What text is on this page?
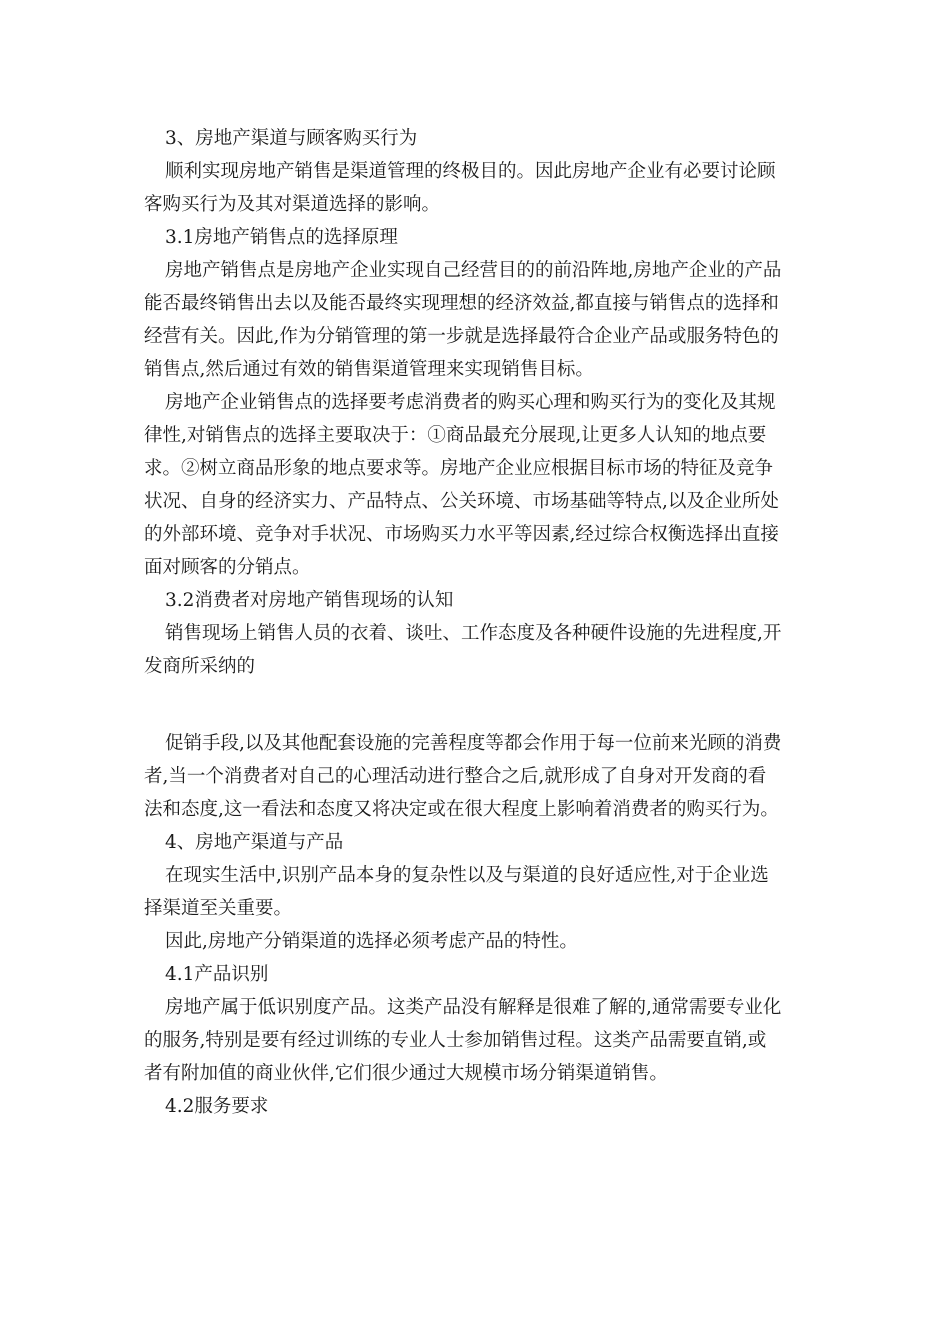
3、房地产渠道与顾客购买行为

顺利实现房地产销售是渠道管理的终极目的。因此房地产企业有必要讨论顾

客购买行为及其对渠道选择的影响。

3.1房地产销售点的选择原理

房地产销售点是房地产企业实现自己经营目的的前沿阵地,房地产企业的产品

能否最终销售出去以及能否最终实现理想的经济效益,都直接与销售点的选择和

经营有关。因此,作为分销管理的第一步就是选择最符合企业产品或服务特色的

销售点,然后通过有效的销售渠道管理来实现销售目标。

房地产企业销售点的选择要考虑消费者的购买心理和购买行为的变化及其规

律性,对销售点的选择主要取决于：①商品最充分展现,让更多人认知的地点要

求。②树立商品形象的地点要求等。房地产企业应根据目标市场的特征及竞争

状况、自身的经济实力、产品特点、公关环境、市场基础等特点,以及企业所处

的外部环境、竞争对手状况、市场购买力水平等因素,经过综合权衡选择出直接

面对顾客的分销点。

3.2消费者对房地产销售现场的认知

销售现场上销售人员的衣着、谈吐、工作态度及各种硬件设施的先进程度,开

发商所采纳的

促销手段,以及其他配套设施的完善程度等都会作用于每一位前来光顾的消费

者,当一个消费者对自己的心理活动进行整合之后,就形成了自身对开发商的看

法和态度,这一看法和态度又将决定或在很大程度上影响着消费者的购买行为。

4、房地产渠道与产品

在现实生活中,识别产品本身的复杂性以及与渠道的良好适应性,对于企业选

择渠道至关重要。

因此,房地产分销渠道的选择必须考虑产品的特性。

4.1产品识别

房地产属于低识别度产品。这类产品没有解释是很难了解的,通常需要专业化

的服务,特别是要有经过训练的专业人士参加销售过程。这类产品需要直销,或

者有附加值的商业伙伴,它们很少通过大规模市场分销渠道销售。

4.2服务要求
